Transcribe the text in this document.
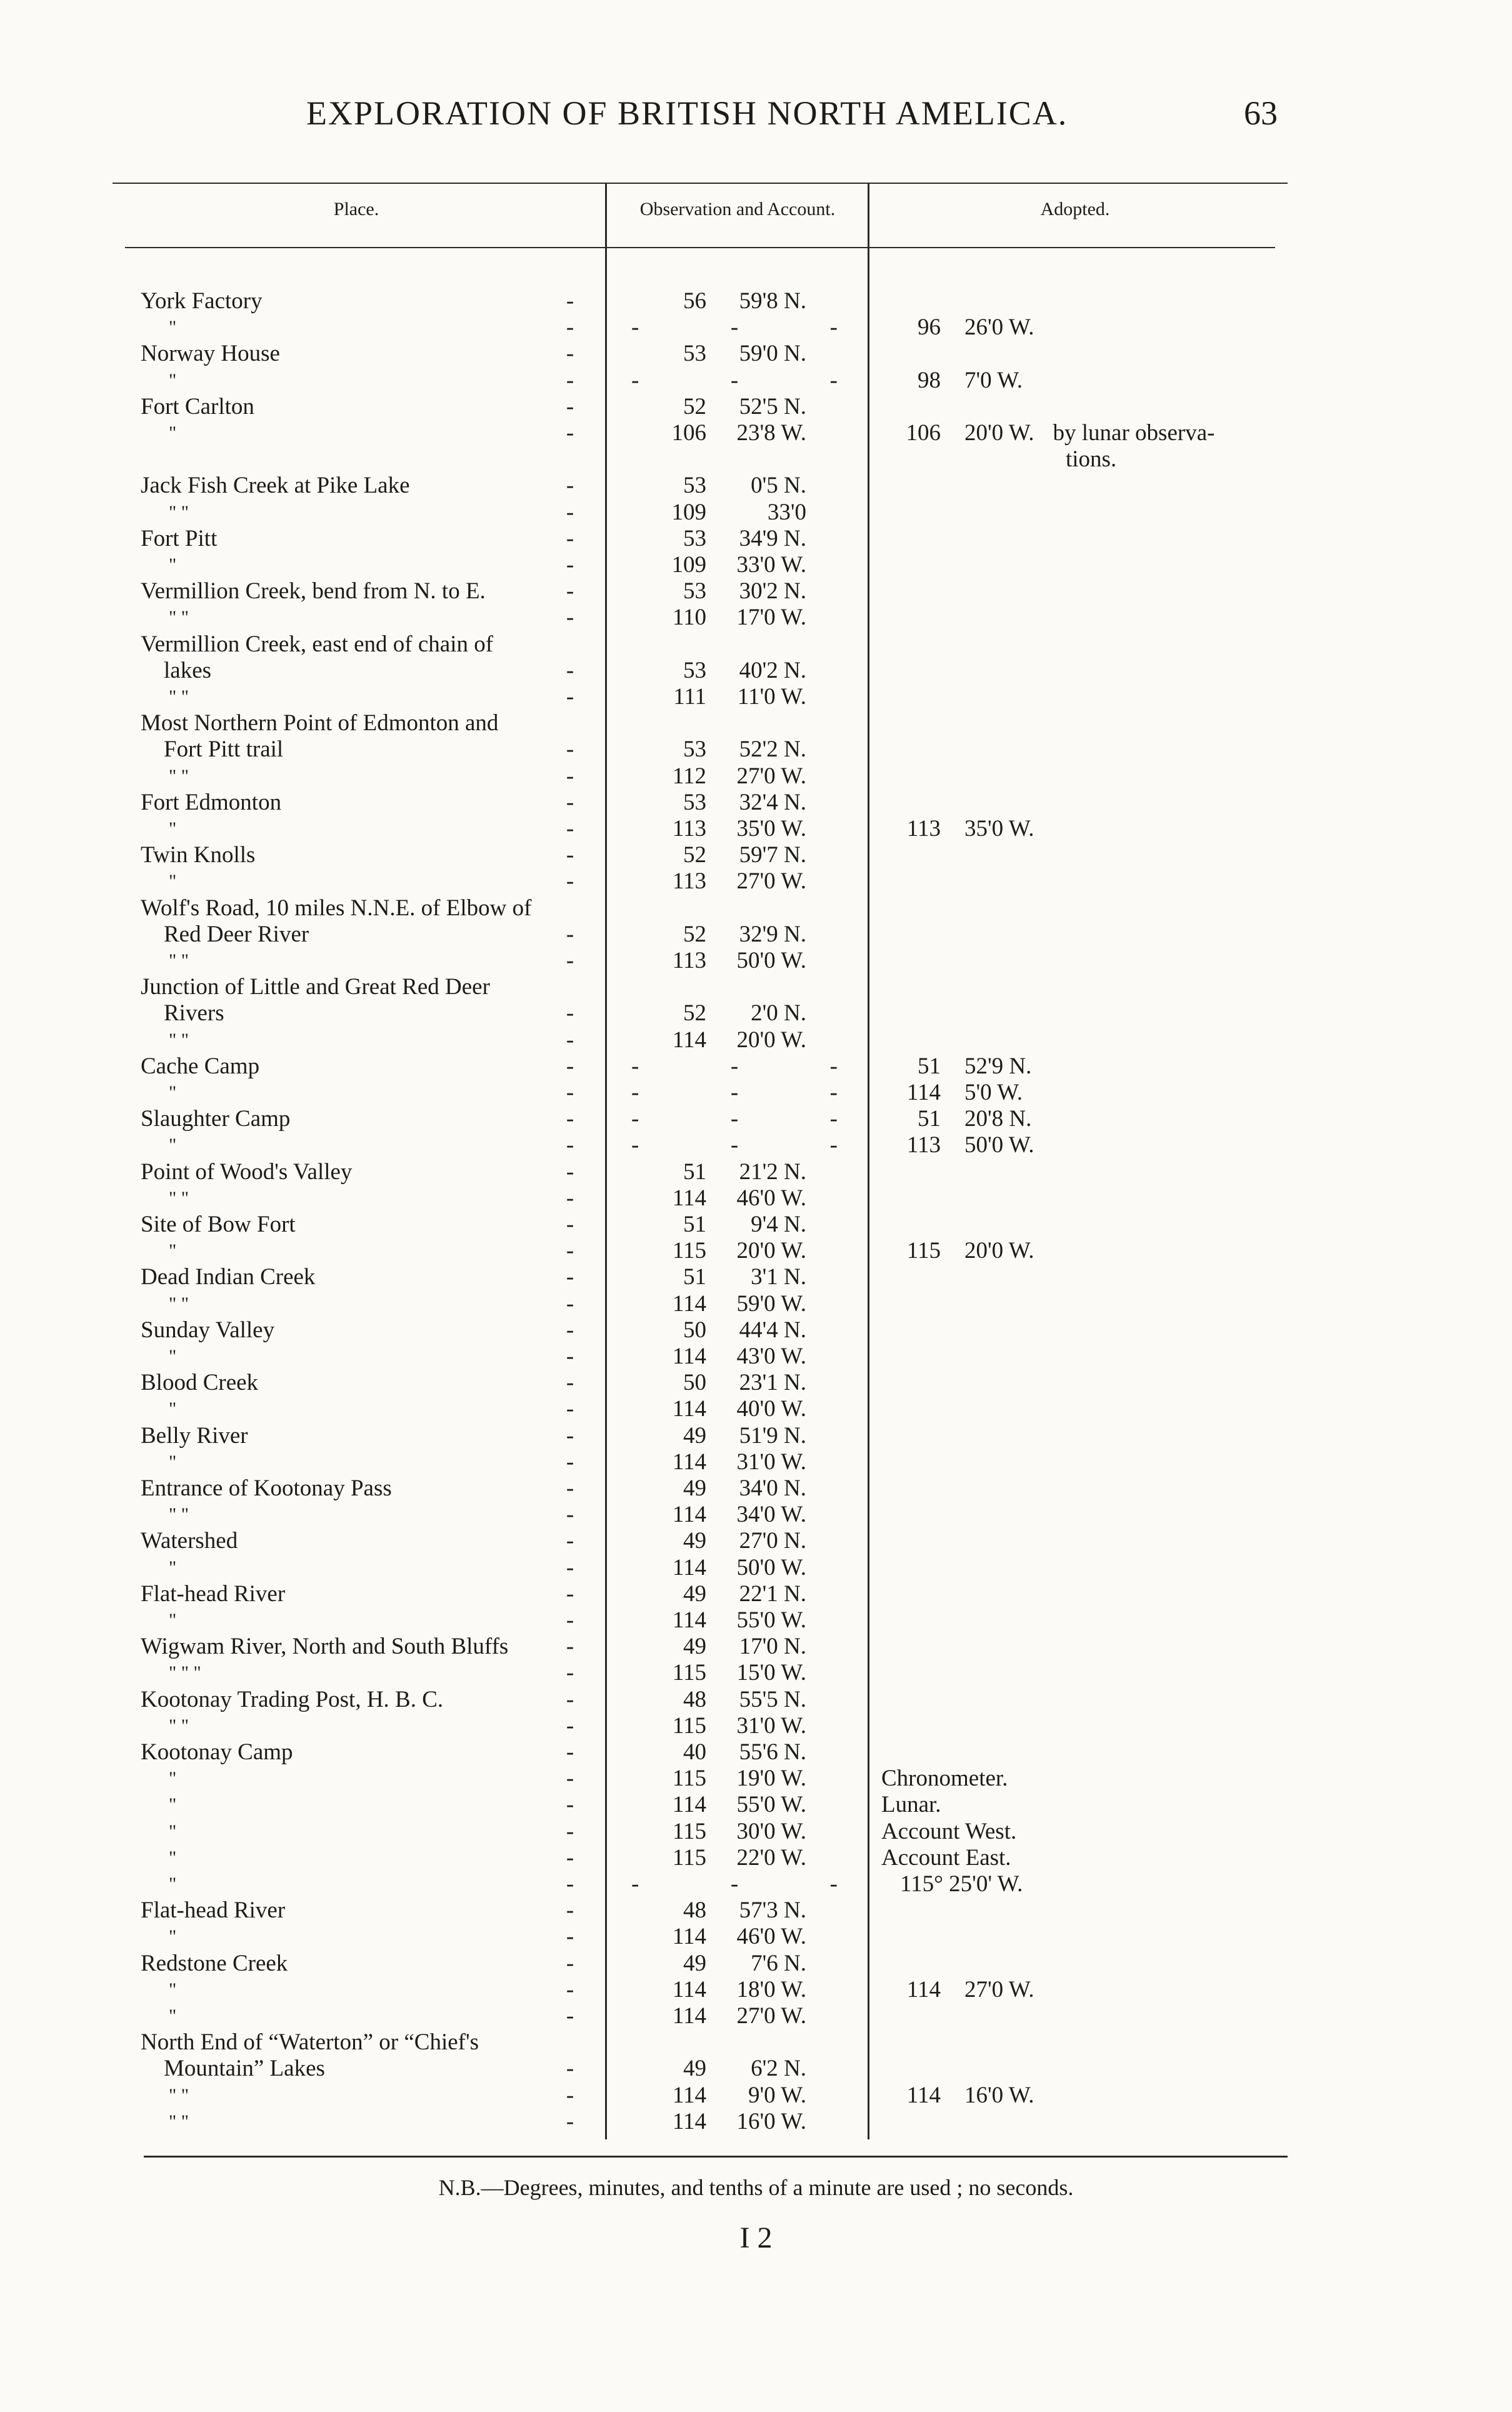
EXPLORATION OF BRITISH NORTH AMELICA.	63
Place.	Observation and Account.	Adopted.
York Factory	-	56	59'8 N.
"	- -	-	-	96 26'0 W.
Norway House	-	53	59'0 N.
"	- -	-	-	98 7'0 W.
Fort Carlton	-	52	52'5 N.
"	-	106	23'8 W.	106 20'0 W. by lunar observa-
tions.
Jack Fish Creek at Pike Lake	-	53	0'5 N.
" "	-	109	33'0
Fort Pitt	-	53	34'9 N.
"	-	109	33'0 W.
Vermillion Creek, bend from N. to E.	-	53	30'2 N.
" "	-	110	17'0 W.
Vermillion Creek, east end of chain of
lakes	-	53	40'2 N.
" "	-	111	11'0 W.
Most Northern Point of Edmonton and
Fort Pitt trail	-	53	52'2 N.
" "	-	112	27'0 W.
Fort Edmonton	-	53	32'4 N.
"	-	113	35'0 W.	113 35'0 W.
Twin Knolls	-	52	59'7 N.
"	-	113	27'0 W.
Wolf's Road, 10 miles N.N.E. of Elbow of
Red Deer River	-	52	32'9 N.
" "	-	113	50'0 W.
Junction of Little and Great Red Deer
Rivers	-	52	2'0 N.
" "	-	114	20'0 W.
Cache Camp	- -	-	-	51 52'9 N.
"	- -	-	-	114 5'0 W.
Slaughter Camp	- -	-	-	51 20'8 N.
"	- -	-	-	113 50'0 W.
Point of Wood's Valley	-	51	21'2 N.
" "	-	114	46'0 W.
Site of Bow Fort	-	51	9'4 N.
"	-	115	20'0 W.	115 20'0 W.
Dead Indian Creek	-	51	3'1 N.
" "	-	114	59'0 W.
Sunday Valley	-	50	44'4 N.
"	-	114	43'0 W.
Blood Creek	-	50	23'1 N.
"	-	114	40'0 W.
Belly River	-	49	51'9 N.
"	-	114	31'0 W.
Entrance of Kootonay Pass	-	49	34'0 N.
" "	-	114	34'0 W.
Watershed	-	49	27'0 N.
"	-	114	50'0 W.
Flat-head River	-	49	22'1 N.
"	-	114	55'0 W.
Wigwam River, North and South Bluffs	-	49	17'0 N.
" " "	-	115	15'0 W.
Kootonay Trading Post, H. B. C.	-	48	55'5 N.
" "	-	115	31'0 W.
Kootonay Camp	-	40	55'6 N.
"	-	115	19'0 W.	Chronometer.
"	-	114	55'0 W.	Lunar.
"	-	115	30'0 W.	Account West.
"	-	115	22'0 W.	Account East.
"	- -	-	-	115° 25'0' W.
Flat-head River	-	48	57'3 N.
"	-	114	46'0 W.
Redstone Creek	-	49	7'6 N.
"	-	114	18'0 W.	114 27'0 W.
"	-	114	27'0 W.
North End of “Waterton” or “Chief's
Mountain” Lakes	-	49	6'2 N.
" "	-	114	9'0 W.	114 16'0 W.
" "	-	114	16'0 W.
N.B.—Degrees, minutes, and tenths of a minute are used ; no seconds.
I 2
